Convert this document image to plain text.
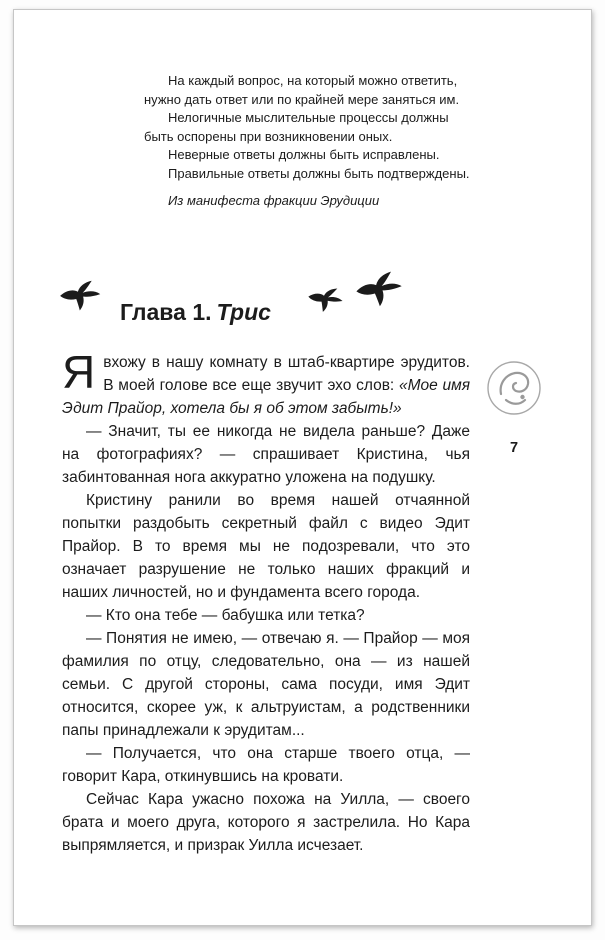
7

На каждый вопрос, на который можно ответить, нужно дать ответ или по крайней мере заняться им.

Нелогичные мыслительные процессы должны быть оспорены при возникновении оных.

Неверные ответы должны быть исправлены.

Правильные ответы должны быть подтверждены.

Из манифеста фракции Эрудиции

Глава 1. Трис

Явхожу в нашу комнату в штаб-квартире эрудитов. В моей голове все еще звучит эхо слов: «Мое имя Эдит Прайор, хотела бы я об этом забыть!»

— Значит, ты ее никогда не видела раньше? Даже на фотографиях? — спрашивает Кристина, чья забинтованная нога аккуратно уложена на подушку.

Кристину ранили во время нашей отчаянной попытки раздобыть секретный файл с видео Эдит Прайор. В то время мы не подозревали, что это означает разрушение не только наших фракций и наших личностей, но и фундамента всего города.

— Кто она тебе — бабушка или тетка?

— Понятия не имею, — отвечаю я. — Прайор — моя фамилия по отцу, следовательно, она — из нашей семьи. С другой стороны, сама посуди, имя Эдит относится, скорее уж, к альтруистам, а родственники папы принадлежали к эрудитам...

— Получается, что она старше твоего отца, — говорит Кара, откинувшись на кровати.

Сейчас Кара ужасно похожа на Уилла, — своего брата и моего друга, которого я застрелила. Но Кара выпрямляется, и призрак Уилла исчезает.
